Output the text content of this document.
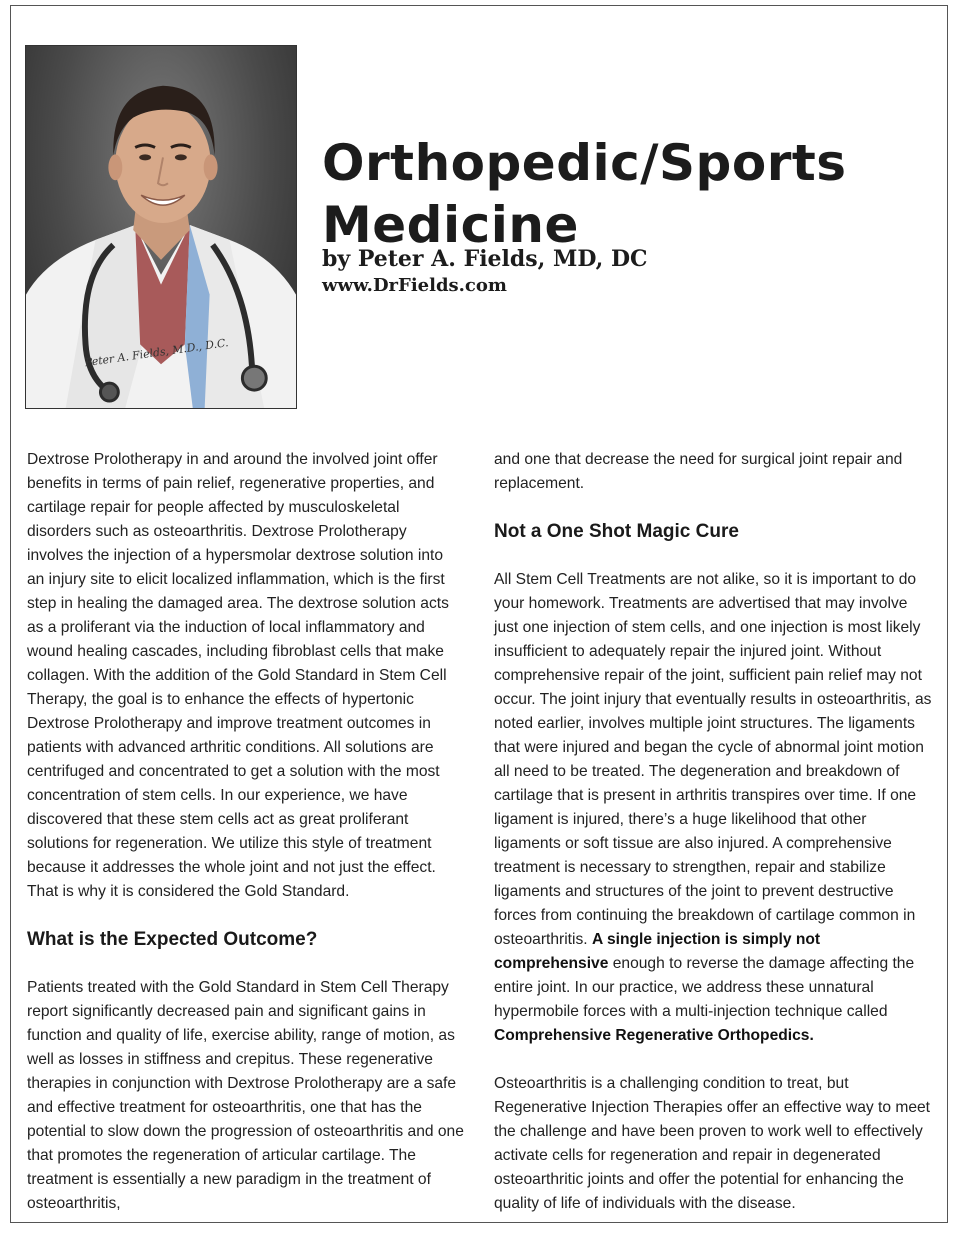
Peter A. Fields, M.D., D.C.
Orthopedic/Sports
Medicine
by Peter A. Fields, MD, DC
www.DrFields.com

Dextrose Prolotherapy in and around the involved joint offer benefits in terms of pain relief, regenerative properties, and cartilage repair for people affected by musculoskeletal disorders such as osteoarthritis. Dextrose Prolotherapy involves the injection of a hypersmolar dextrose solution into an injury site to elicit localized inflammation, which is the first step in healing the damaged area. The dextrose solution acts as a proliferant via the induction of local inflammatory and wound healing cascades, including fibroblast cells that make collagen. With the addition of the Gold Standard in Stem Cell Therapy, the goal is to enhance the effects of hypertonic Dextrose Prolotherapy and improve treatment outcomes in patients with advanced arthritic conditions. All solutions are centrifuged and concentrated to get a solution with the most concentration of stem cells. In our experience, we have discovered that these stem cells act as great proliferant solutions for regeneration. We utilize this style of treatment because it addresses the whole joint and not just the effect. That is why it is considered the Gold Standard.

What is the Expected Outcome?

Patients treated with the Gold Standard in Stem Cell Therapy report significantly decreased pain and significant gains in function and quality of life, exercise ability, range of motion, as well as losses in stiffness and crepitus. These regenerative therapies in conjunction with Dextrose Prolotherapy are a safe and effective treatment for osteoarthritis, one that has the potential to slow down the progression of osteoarthritis and one that promotes the regeneration of articular cartilage. The treatment is essentially a new paradigm in the treatment of osteoarthritis,

and one that decrease the need for surgical joint repair and replacement.

Not a One Shot Magic Cure

All Stem Cell Treatments are not alike, so it is important to do your homework. Treatments are advertised that may involve just one injection of stem cells, and one injection is most likely insufficient to adequately repair the injured joint. Without comprehensive repair of the joint, sufficient pain relief may not occur. The joint injury that eventually results in osteoarthritis, as noted earlier, involves multiple joint structures. The ligaments that were injured and began the cycle of abnormal joint motion all need to be treated. The degeneration and breakdown of cartilage that is present in arthritis transpires over time. If one ligament is injured, there’s a huge likelihood that other ligaments or soft tissue are also injured. A comprehensive treatment is necessary to strengthen, repair and stabilize ligaments and structures of the joint to prevent destructive forces from continuing the breakdown of cartilage common in osteoarthritis. A single injection is simply not comprehensive enough to reverse the damage affecting the entire joint. In our practice, we address these unnatural hypermobile forces with a multi-injection technique called Comprehensive Regenerative Orthopedics.

Osteoarthritis is a challenging condition to treat, but Regenerative Injection Therapies offer an effective way to meet the challenge and have been proven to work well to effectively activate cells for regeneration and repair in degenerated osteoarthritic joints and offer the potential for enhancing the quality of life of individuals with the disease.
